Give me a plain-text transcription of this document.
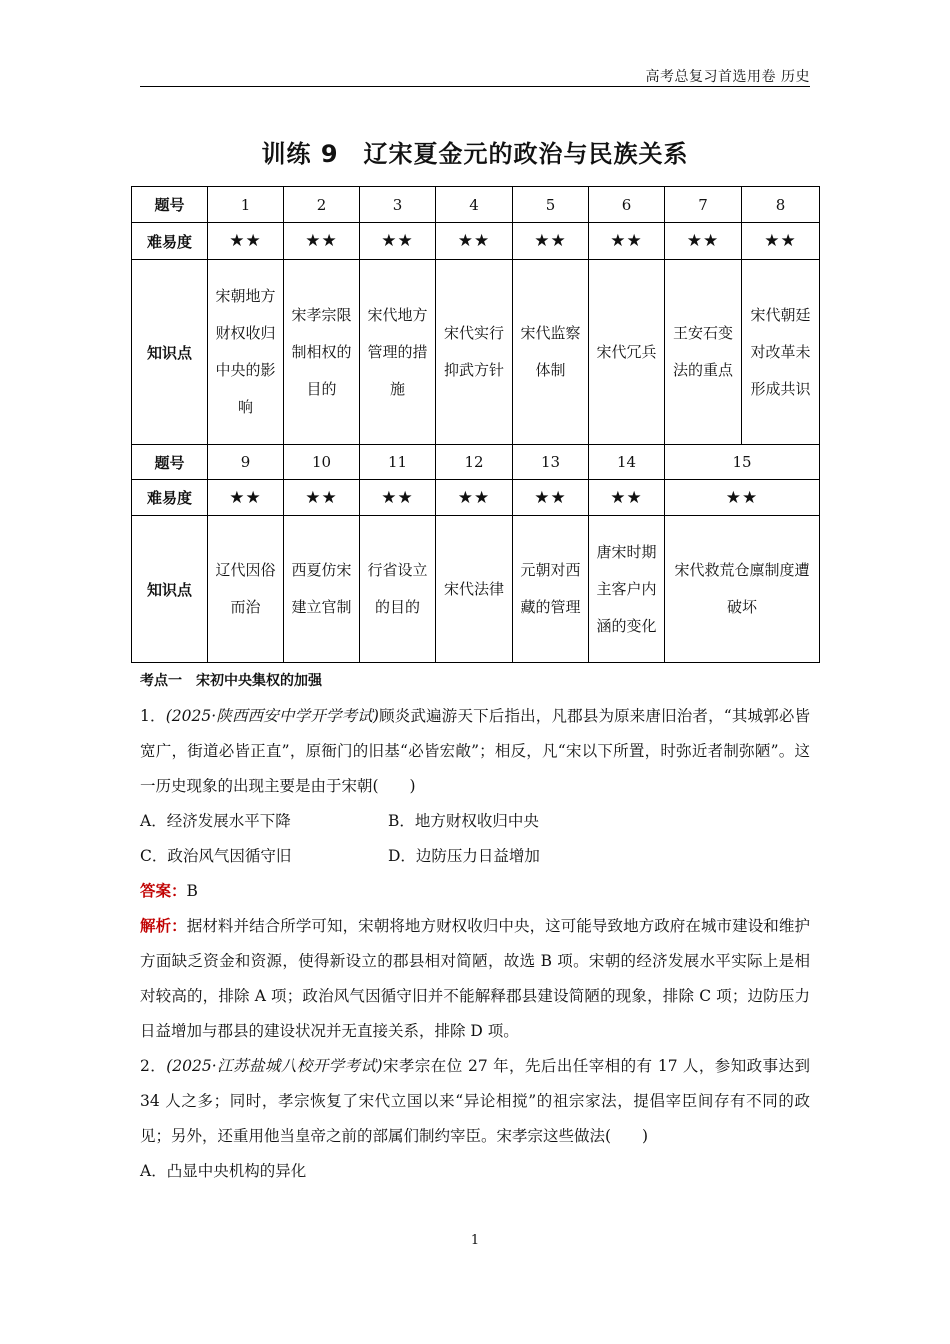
高考总复习首选用卷 历史
训练 9　辽宋夏金元的政治与民族关系
题号	1	2	3	4	5	6	7	8
难易度	★★	★★	★★	★★	★★	★★	★★	★★
知识点	宋朝地方财权收归中央的影响	宋孝宗限制相权的目的	宋代地方管理的措施	宋代实行抑武方针	宋代监察体制	宋代冗兵	王安石变法的重点	宋代朝廷对改革未形成共识
题号	9	10	11	12	13	14	15	
难易度	★★	★★	★★	★★	★★	★★	★★	
知识点	辽代因俗而治	西夏仿宋建立官制	行省设立的目的	宋代法律	元朝对西藏的管理	唐宋时期主客户内涵的变化	宋代救荒仓廪制度遭破坏	

考点一　宋初中央集权的加强

1．(2025·陕西西安中学开学考试)顾炎武遍游天下后指出，凡郡县为原来唐旧治者，“其城郭必皆宽广，街道必皆正直”，原衙门的旧基“必皆宏敞”；相反，凡“宋以下所置，时弥近者制弥陋”。这一历史现象的出现主要是由于宋朝(　　)

A．经济发展水平下降	B．地方财权收归中央

C．政治风气因循守旧	D．边防压力日益增加

答案：B

解析：据材料并结合所学可知，宋朝将地方财权收归中央，这可能导致地方政府在城市建设和维护方面缺乏资金和资源，使得新设立的郡县相对简陋，故选 B 项。宋朝的经济发展水平实际上是相对较高的，排除 A 项；政治风气因循守旧并不能解释郡县建设简陋的现象，排除 C 项；边防压力日益增加与郡县的建设状况并无直接关系，排除 D 项。

2．(2025·江苏盐城八校开学考试)宋孝宗在位 27 年，先后出任宰相的有 17 人，参知政事达到 34 人之多；同时，孝宗恢复了宋代立国以来“异论相搅”的祖宗家法，提倡宰臣间存有不同的政见；另外，还重用他当皇帝之前的部属们制约宰臣。宋孝宗这些做法(　　)

A．凸显中央机构的异化

1
